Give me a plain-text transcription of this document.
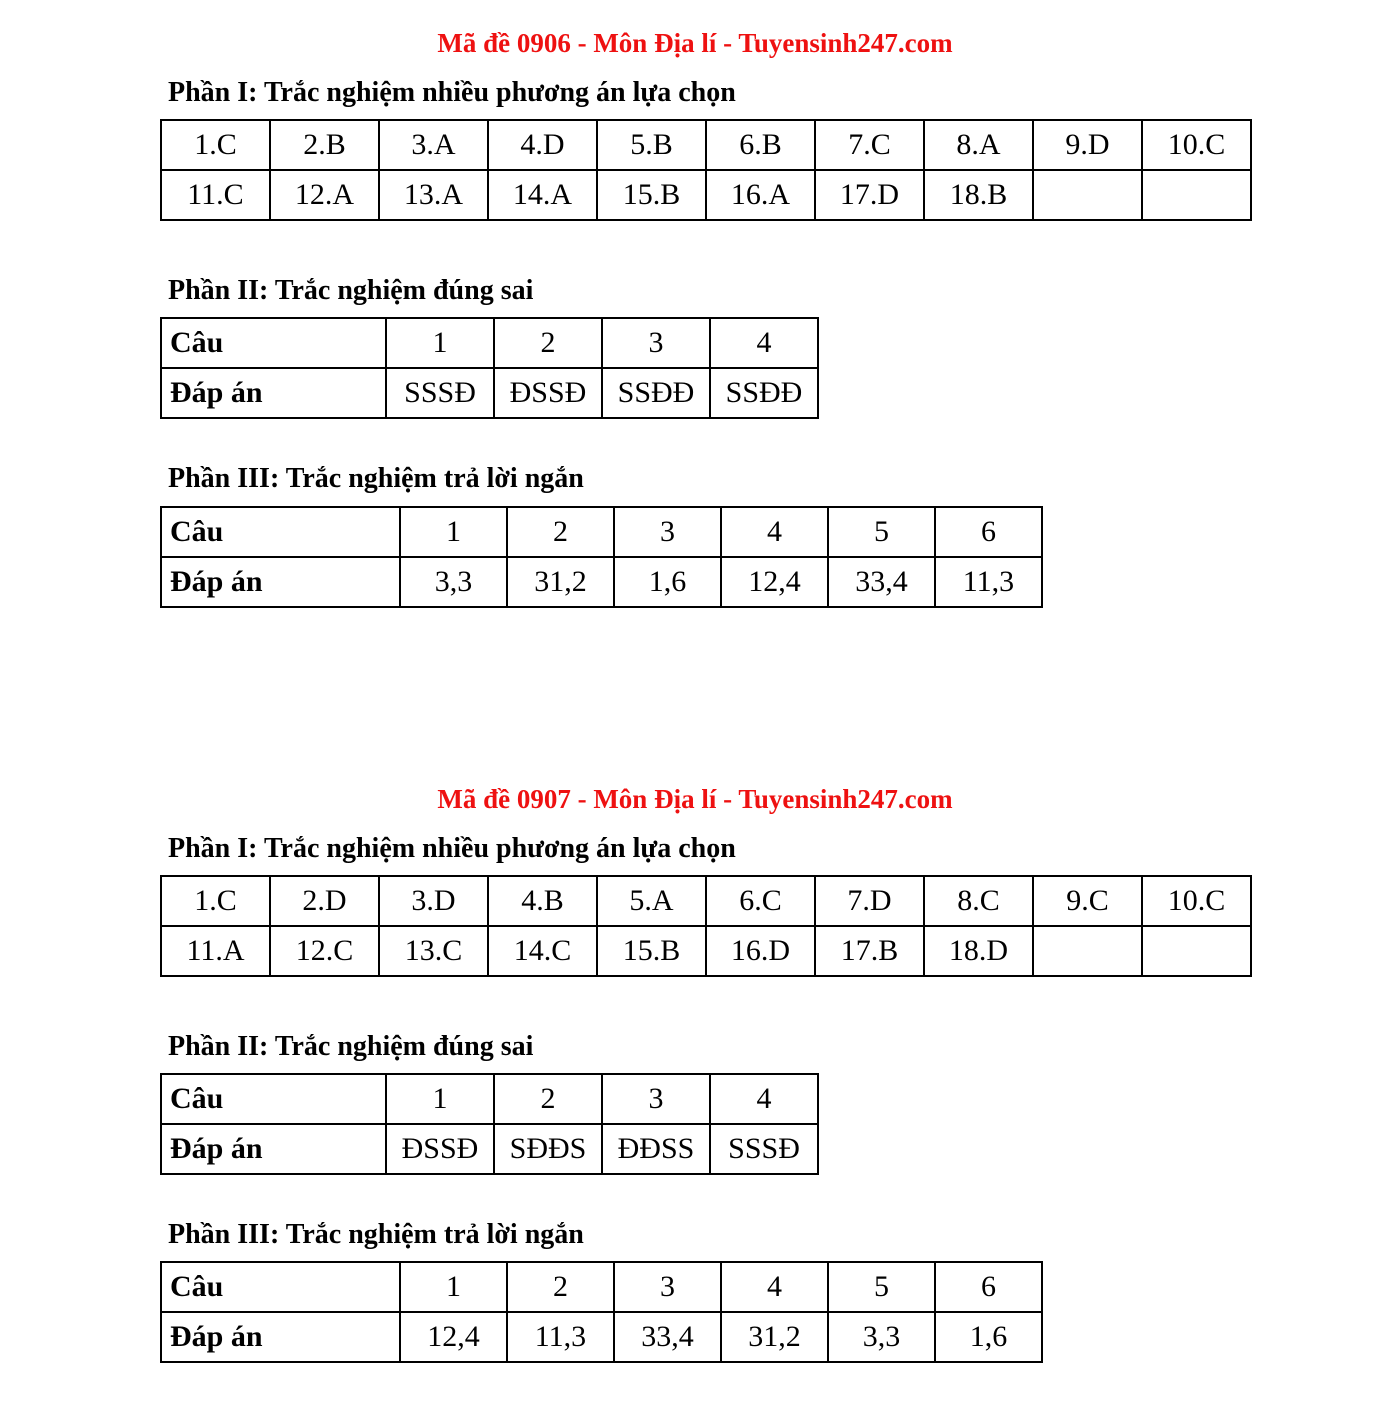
Mã đề 0906 - Môn Địa lí - Tuyensinh247.com
Phần I: Trắc nghiệm nhiều phương án lựa chọn
1.C	2.B	3.A	4.D	5.B	6.B	7.C	8.A	9.D	10.C
11.C	12.A	13.A	14.A	15.B	16.A	17.D	18.B		
Phần II: Trắc nghiệm đúng sai
Câu	1	2	3	4
Đáp án	SSSĐ	ĐSSĐ	SSĐĐ	SSĐĐ
Phần III: Trắc nghiệm trả lời ngắn
Câu	1	2	3	4	5	6
Đáp án	3,3	31,2	1,6	12,4	33,4	11,3
Mã đề 0907 - Môn Địa lí - Tuyensinh247.com
Phần I: Trắc nghiệm nhiều phương án lựa chọn
1.C	2.D	3.D	4.B	5.A	6.C	7.D	8.C	9.C	10.C
11.A	12.C	13.C	14.C	15.B	16.D	17.B	18.D		
Phần II: Trắc nghiệm đúng sai
Câu	1	2	3	4
Đáp án	ĐSSĐ	SĐĐS	ĐĐSS	SSSĐ
Phần III: Trắc nghiệm trả lời ngắn
Câu	1	2	3	4	5	6
Đáp án	12,4	11,3	33,4	31,2	3,3	1,6
